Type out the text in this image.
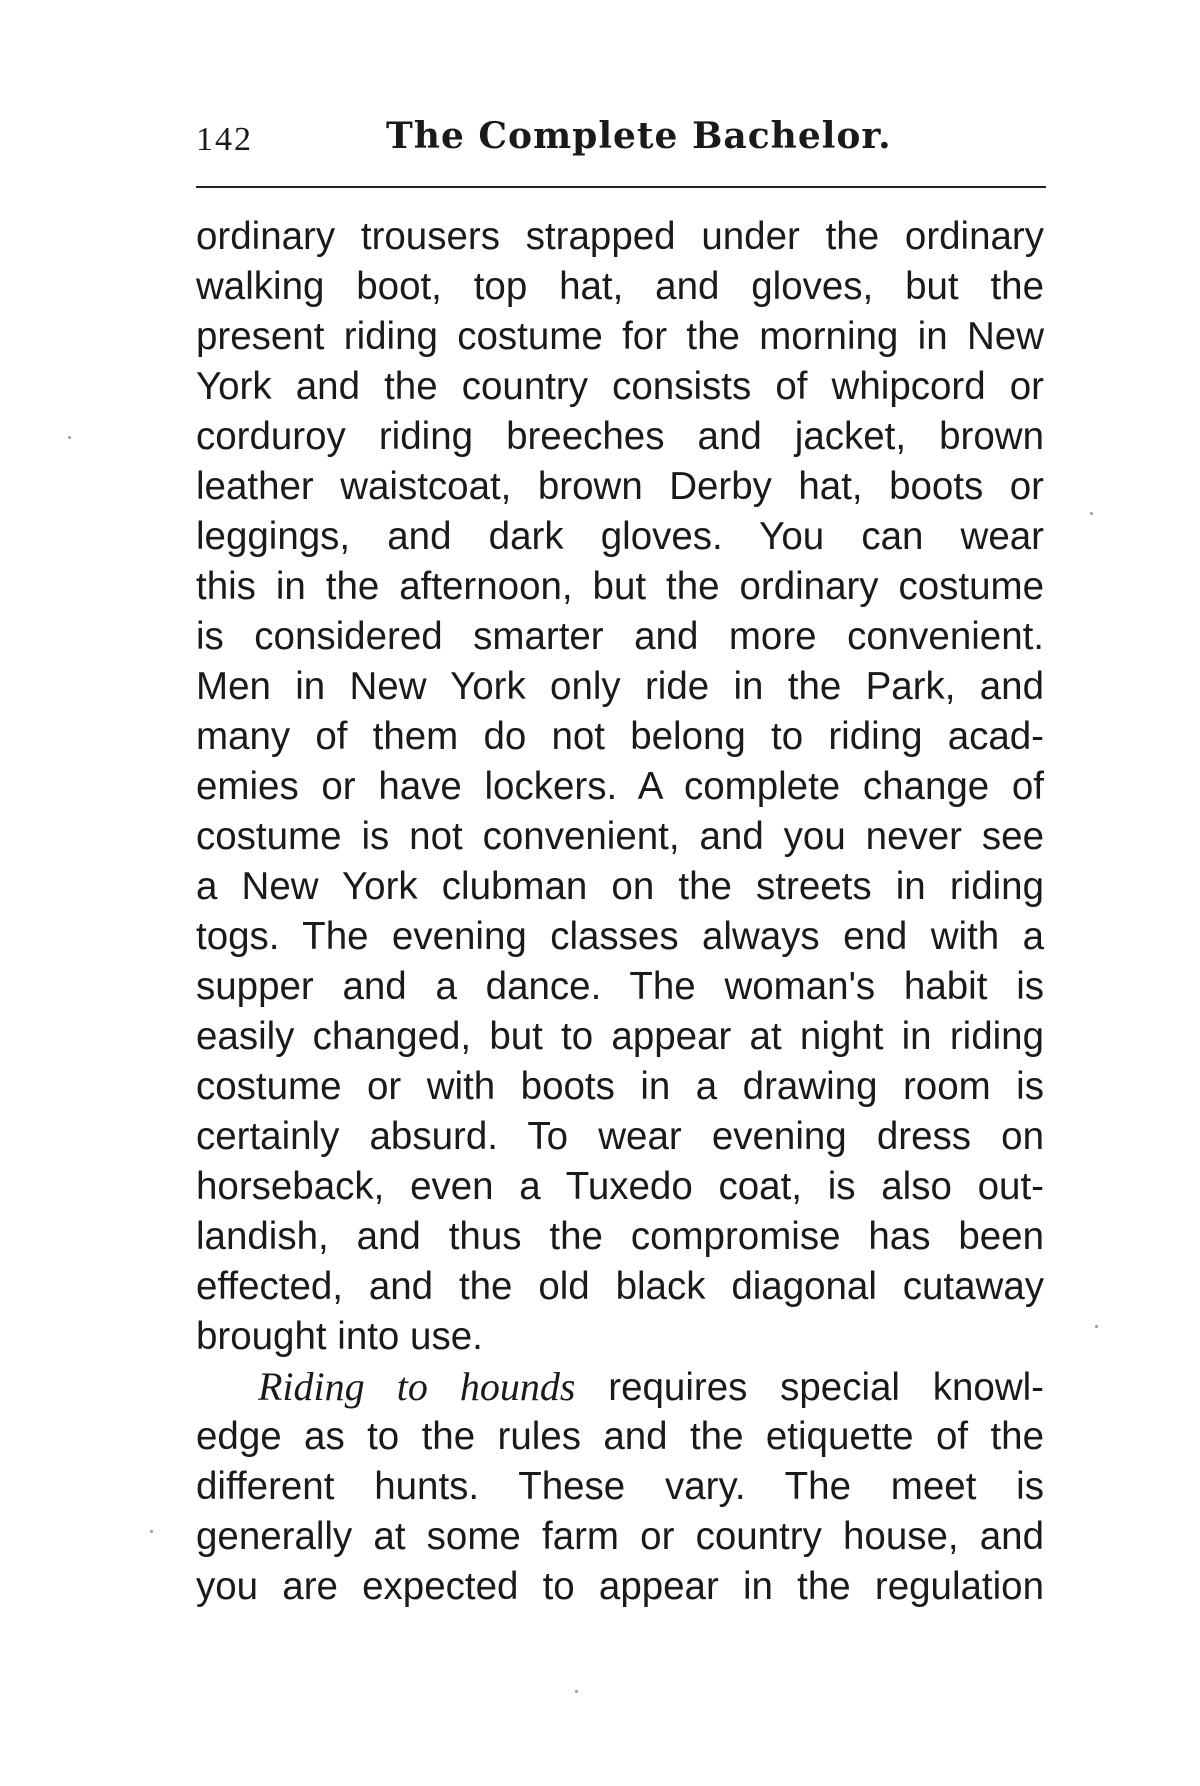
142	The Complete Bachelor.
ordinary trousers strapped under the ordinary
walking boot, top hat, and gloves, but the
present riding costume for the morning in New
York and the country consists of whipcord or
corduroy riding breeches and jacket, brown
leather waistcoat, brown Derby hat, boots or
leggings, and dark gloves. You can wear
this in the afternoon, but the ordinary costume
is considered smarter and more convenient.
Men in New York only ride in the Park, and
many of them do not belong to riding acad-
emies or have lockers. A complete change of
costume is not convenient, and you never see
a New York clubman on the streets in riding
togs. The evening classes always end with a
supper and a dance. The woman's habit is
easily changed, but to appear at night in riding
costume or with boots in a drawing room is
certainly absurd. To wear evening dress on
horseback, even a Tuxedo coat, is also out-
landish, and thus the compromise has been
effected, and the old black diagonal cutaway
brought into use.
Riding to hounds requires special knowl-
edge as to the rules and the etiquette of the
different hunts. These vary. The meet is
generally at some farm or country house, and
you are expected to appear in the regulation
